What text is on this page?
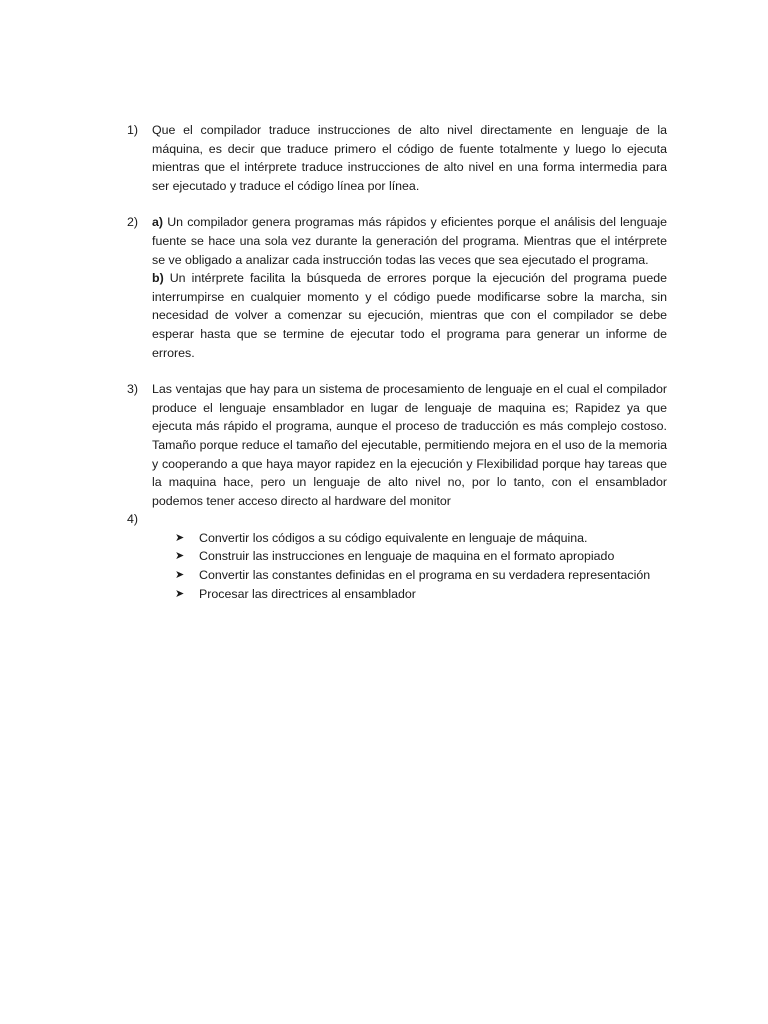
1) Que el compilador traduce instrucciones de alto nivel directamente en lenguaje de la máquina, es decir que traduce primero el código de fuente totalmente y luego lo ejecuta mientras que el intérprete traduce instrucciones de alto nivel en una forma intermedia para ser ejecutado y traduce el código línea por línea.

2) a) Un compilador genera programas más rápidos y eficientes porque el análisis del lenguaje fuente se hace una sola vez durante la generación del programa. Mientras que el intérprete se ve obligado a analizar cada instrucción todas las veces que sea ejecutado el programa.

b) Un intérprete facilita la búsqueda de errores porque la ejecución del programa puede interrumpirse en cualquier momento y el código puede modificarse sobre la marcha, sin necesidad de volver a comenzar su ejecución, mientras que con el compilador se debe esperar hasta que se termine de ejecutar todo el programa para generar un informe de errores.

3) Las ventajas que hay para un sistema de procesamiento de lenguaje en el cual el compilador produce el lenguaje ensamblador en lugar de lenguaje de maquina es; Rapidez ya que ejecuta más rápido el programa, aunque el proceso de traducción es más complejo costoso. Tamaño porque reduce el tamaño del ejecutable, permitiendo mejora en el uso de la memoria y cooperando a que haya mayor rapidez en la ejecución y Flexibilidad porque hay tareas que la maquina hace, pero un lenguaje de alto nivel no, por lo tanto, con el ensamblador podemos tener acceso directo al hardware del monitor

4)

➤ Convertir los códigos a su código equivalente en lenguaje de máquina.
➤ Construir las instrucciones en lenguaje de maquina en el formato apropiado
➤ Convertir las constantes definidas en el programa en su verdadera representación
➤ Procesar las directrices al ensamblador
